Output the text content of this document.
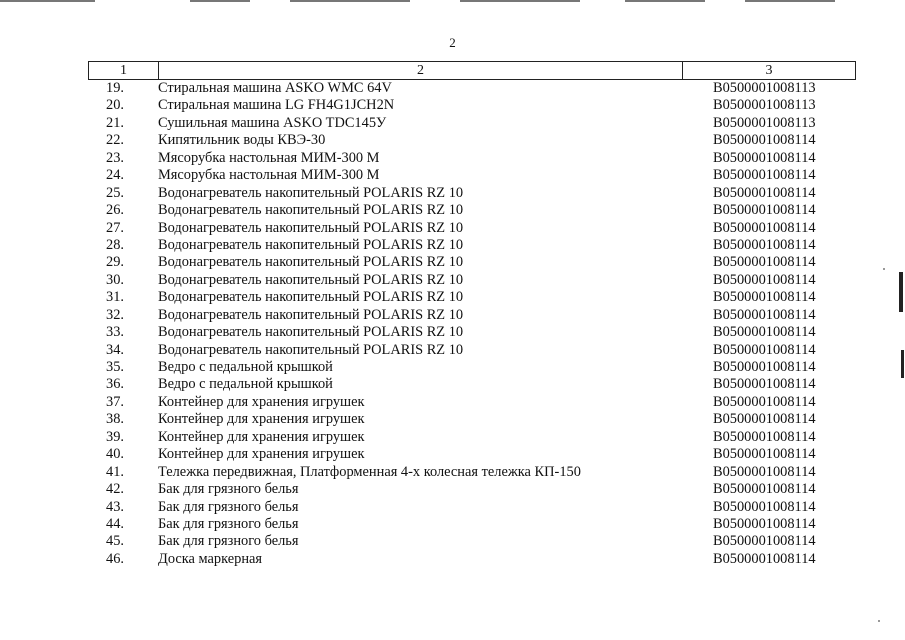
2
1	2	3
19. Стиральная машина ASKO WMC 64V	B0500001008113
20. Стиральная машина LG FH4G1JCH2N	B0500001008113
21. Сушильная машина ASKO TDC145У	B0500001008113
22. Кипятильник воды КВЭ-30	B0500001008114
23. Мясорубка настольная МИМ-300 М	B0500001008114
24. Мясорубка настольная МИМ-300 М	B0500001008114
25. Водонагреватель накопительный POLARIS RZ 10	B0500001008114
26. Водонагреватель накопительный POLARIS RZ 10	B0500001008114
27. Водонагреватель накопительный POLARIS RZ 10	B0500001008114
28. Водонагреватель накопительный POLARIS RZ 10	B0500001008114
29. Водонагреватель накопительный POLARIS RZ 10	B0500001008114
30. Водонагреватель накопительный POLARIS RZ 10	B0500001008114
31. Водонагреватель накопительный POLARIS RZ 10	B0500001008114
32. Водонагреватель накопительный POLARIS RZ 10	B0500001008114
33. Водонагреватель накопительный POLARIS RZ 10	B0500001008114
34. Водонагреватель накопительный POLARIS RZ 10	B0500001008114
35. Ведро с педальной крышкой	B0500001008114
36. Ведро с педальной крышкой	B0500001008114
37. Контейнер для хранения игрушек	B0500001008114
38. Контейнер для хранения игрушек	B0500001008114
39. Контейнер для хранения игрушек	B0500001008114
40. Контейнер для хранения игрушек	B0500001008114
41. Тележка передвижная, Платформенная 4-х колесная тележка КП-150	B0500001008114
42. Бак для грязного белья	B0500001008114
43. Бак для грязного белья	B0500001008114
44. Бак для грязного белья	B0500001008114
45. Бак для грязного белья	B0500001008114
46. Доска маркерная	B0500001008114
